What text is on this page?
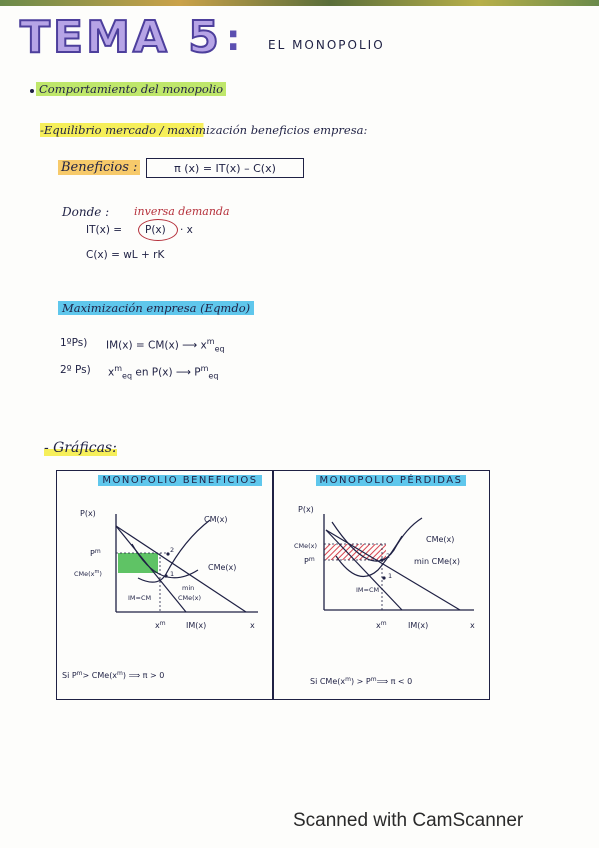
TEMA 5 : EL MONOPOLIO
Comportamiento del monopolio
-Equilibrio mercado / maximización beneficios empresa:
Beneficios :	π (x) = IT(x) – C(x)
Donde : inversa demanda
IT(x) = P(x) · x
C(x) = wL + rK
Maximización empresa (Eqmdo)
1ºPs) IM(x) = CM(x) ⟶ $x^m_{eq}$
2º Ps) $x^m_{eq}$ en P(x) ⟶ $P^m_{eq}$
- Gráficas:
MONOPOLIO BENEFICIOS	MONOPOLIO PÉRDIDAS
P(x)
$P^m$
$CMe(x^m)$
CM(x)
CMe(x)
IM=CM
min
CMe(x)
2
1
$x^m$	IM(x)	x
Si $P^m> CMe(x^m)$ ⟹ π > 0
P(x)
CMe(x)
$P^m$
CMe(x)
min CMe(x)
IM=CM
2
1
$x^m$	IM(x)	x
Si $CMe(x^m)$ > $P^m⟹$ π < 0
Scanned with CamScanner
